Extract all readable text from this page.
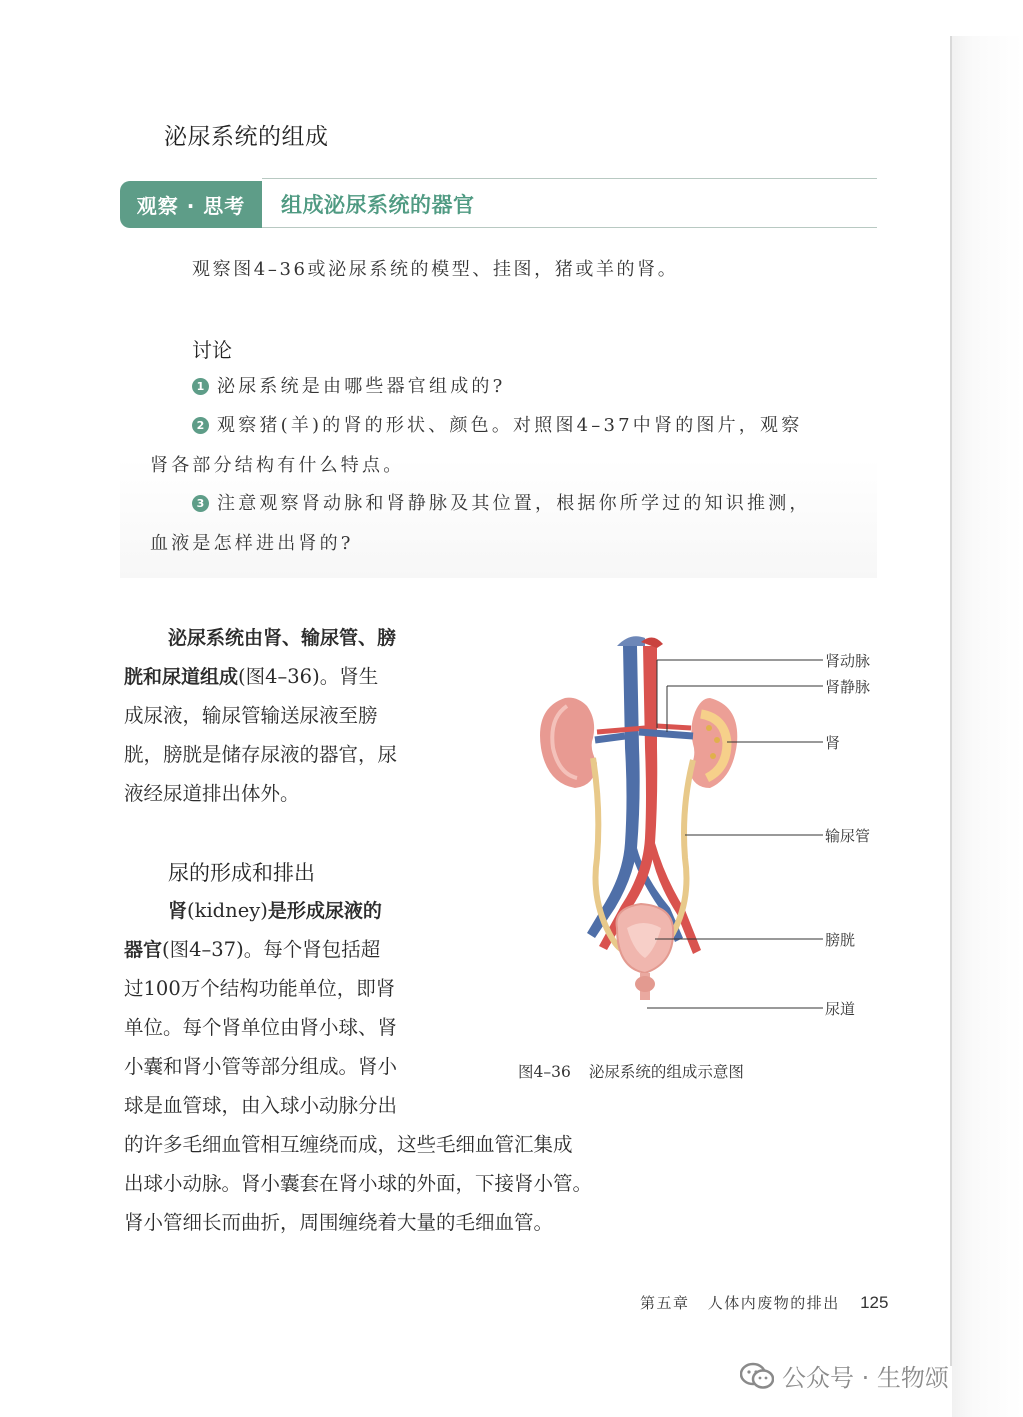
泌尿系统的组成
观察 · 思考	组成泌尿系统的器官
观察图4–36或泌尿系统的模型、挂图，猪或羊的肾。
讨论
1 泌尿系统是由哪些器官组成的?
2 观察猪(羊)的肾的形状、颜色。对照图4–37中肾的图片，观察
肾各部分结构有什么特点。
3 注意观察肾动脉和肾静脉及其位置，根据你所学过的知识推测，
血液是怎样进出肾的?
泌尿系统由肾、输尿管、膀
胱和尿道组成(图4–36)。肾生
成尿液，输尿管输送尿液至膀
胱，膀胱是储存尿液的器官，尿
液经尿道排出体外。
尿的形成和排出
肾(kidney)是形成尿液的
器官(图4–37)。每个肾包括超
过100万个结构功能单位，即肾
单位。每个肾单位由肾小球、肾
小囊和肾小管等部分组成。肾小
球是血管球，由入球小动脉分出
的许多毛细血管相互缠绕而成，这些毛细血管汇集成
出球小动脉。肾小囊套在肾小球的外面，下接肾小管。
肾小管细长而曲折，周围缠绕着大量的毛细血管。
肾动脉
肾静脉
肾
输尿管
膀胱
尿道
图4–36 泌尿系统的组成示意图
第五章 人体内废物的排出 125
公众号 · 生物颂
